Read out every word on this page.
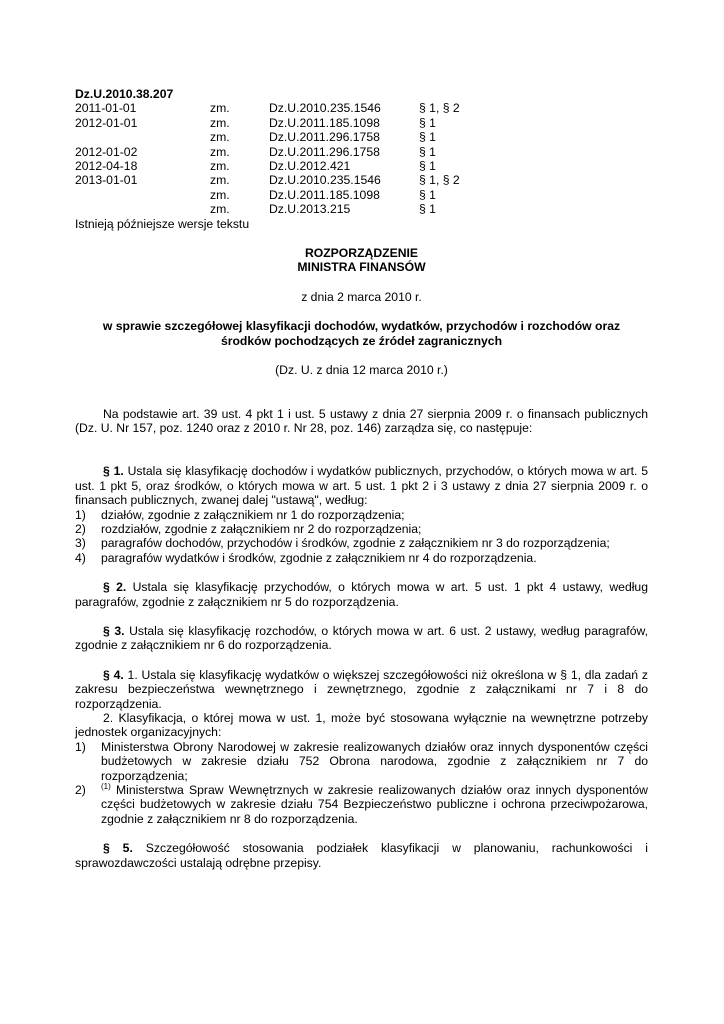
Dz.U.2010.38.207
2011-01-01	zm.	Dz.U.2010.235.1546	§ 1, § 2
2012-01-01	zm.	Dz.U.2011.185.1098	§ 1
	zm.	Dz.U.2011.296.1758	§ 1
2012-01-02	zm.	Dz.U.2011.296.1758	§ 1
2012-04-18	zm.	Dz.U.2012.421	§ 1
2013-01-01	zm.	Dz.U.2010.235.1546	§ 1, § 2
	zm.	Dz.U.2011.185.1098	§ 1
	zm.	Dz.U.2013.215	§ 1
Istnieją późniejsze wersje tekstu
ROZPORZĄDZENIE
MINISTRA FINANSÓW
z dnia 2 marca 2010 r.
w sprawie szczegółowej klasyfikacji dochodów, wydatków, przychodów i rozchodów oraz środków pochodzących ze źródeł zagranicznych
(Dz. U. z dnia 12 marca 2010 r.)
Na podstawie art. 39 ust. 4 pkt 1 i ust. 5 ustawy z dnia 27 sierpnia 2009 r. o finansach publicznych (Dz. U. Nr 157, poz. 1240 oraz z 2010 r. Nr 28, poz. 146) zarządza się, co następuje:
§ 1. Ustala się klasyfikację dochodów i wydatków publicznych, przychodów, o których mowa w art. 5 ust. 1 pkt 5, oraz środków, o których mowa w art. 5 ust. 1 pkt 2 i 3 ustawy z dnia 27 sierpnia 2009 r. o finansach publicznych, zwanej dalej "ustawą", według:
1)	działów, zgodnie z załącznikiem nr 1 do rozporządzenia;
2)	rozdziałów, zgodnie z załącznikiem nr 2 do rozporządzenia;
3)	paragrafów dochodów, przychodów i środków, zgodnie z załącznikiem nr 3 do rozporządzenia;
4)	paragrafów wydatków i środków, zgodnie z załącznikiem nr 4 do rozporządzenia.
§ 2. Ustala się klasyfikację przychodów, o których mowa w art. 5 ust. 1 pkt 4 ustawy, według paragrafów, zgodnie z załącznikiem nr 5 do rozporządzenia.
§ 3. Ustala się klasyfikację rozchodów, o których mowa w art. 6 ust. 2 ustawy, według paragrafów, zgodnie z załącznikiem nr 6 do rozporządzenia.
§ 4. 1. Ustala się klasyfikację wydatków o większej szczegółowości niż określona w § 1, dla zadań z zakresu bezpieczeństwa wewnętrznego i zewnętrznego, zgodnie z załącznikami nr 7 i 8 do rozporządzenia.
2. Klasyfikacja, o której mowa w ust. 1, może być stosowana wyłącznie na wewnętrzne potrzeby jednostek organizacyjnych:
1)	Ministerstwa Obrony Narodowej w zakresie realizowanych działów oraz innych dysponentów części budżetowych w zakresie działu 752 Obrona narodowa, zgodnie z załącznikiem nr 7 do rozporządzenia;
2)	$^{(1)}$ Ministerstwa Spraw Wewnętrznych w zakresie realizowanych działów oraz innych dysponentów części budżetowych w zakresie działu 754 Bezpieczeństwo publiczne i ochrona przeciwpożarowa, zgodnie z załącznikiem nr 8 do rozporządzenia.
§ 5. Szczegółowość stosowania podziałek klasyfikacji w planowaniu, rachunkowości i sprawozdawczości ustalają odrębne przepisy.
